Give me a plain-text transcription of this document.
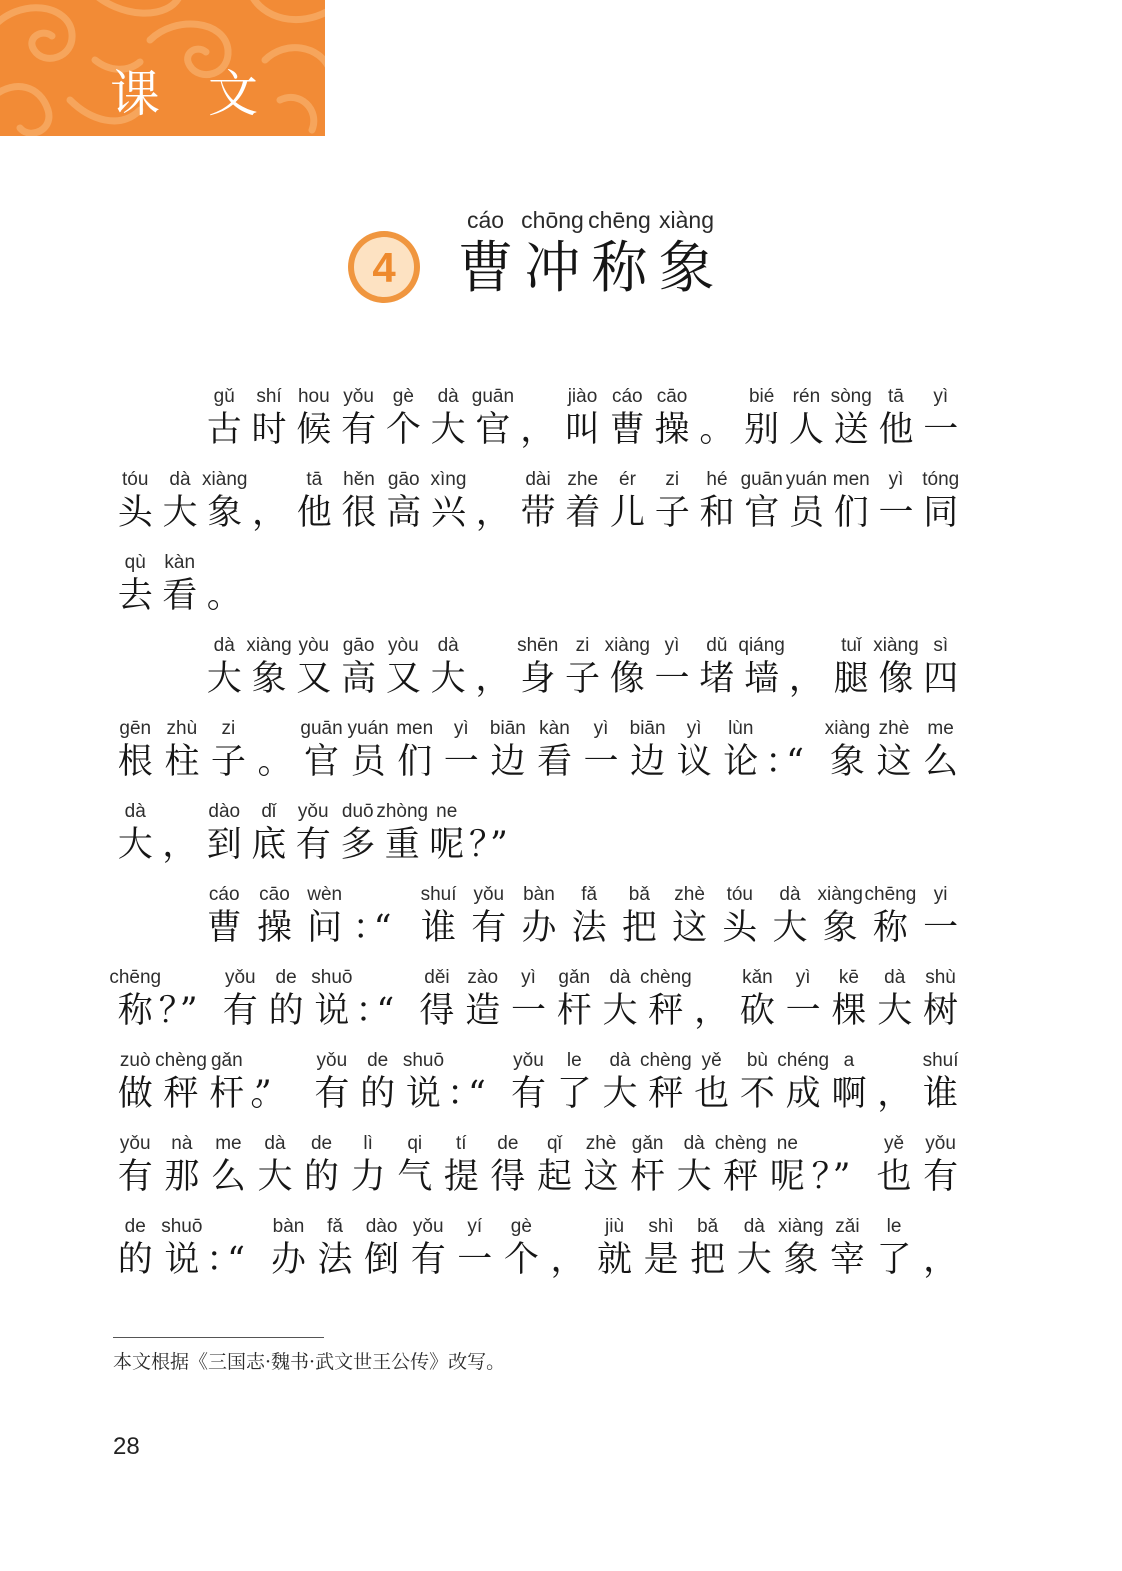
课文
4
cáo
曹
chōng
冲
chēng
称
xiàng
象
gǔ
古
shí
时
hou
候
yǒu
有
gè
个
dà
大
guān
官 ，
jiào
叫
cáo
曹
cāo
操 。
bié
别
rén
人
sòng
送
tā
他
yì
一
tóu
头
dà
大
xiàng
象 ，
tā
他
hěn
很
gāo
高
xìng
兴 ，
dài
带
zhe
着
ér
儿
zi
子
hé
和
guān
官
yuán
员
men
们
yì
一
tóng
同
qù
去
kàn
看 。
dà
大
xiàng
象
yòu
又
gāo
高
yòu
又
dà
大 ，
shēn
身
zi
子
xiàng
像
yì
一
dǔ
堵
qiáng
墙 ，
tuǐ
腿
xiàng
像
sì
四
gēn
根
zhù
柱
zi
子 。
guān
官
yuán
员
men
们
yì
一
biān
边
kàn
看
yì
一
biān
边
yì
议
lùn
论 ：“
xiàng
象
zhè
这
me
么
dà
大 ，
dào
到
dǐ
底
yǒu
有
duō
多
zhòng
重
ne
呢 ？”
cáo
曹
cāo
操
wèn
问 ：“
shuí
谁
yǒu
有
bàn
办
fǎ
法
bǎ
把
zhè
这
tóu
头
dà
大
xiàng
象
chēng
称
yi
一
chēng
称 ？”
yǒu
有
de
的
shuō
说 ：“
děi
得
zào
造
yì
一
gǎn
杆
dà
大
chèng
秤 ，
kǎn
砍
yì
一
kē
棵
dà
大
shù
树
zuò
做
chèng
秤
gǎn
杆 。”
yǒu
有
de
的
shuō
说 ：“
yǒu
有
le
了
dà
大
chèng
秤
yě
也
bù
不
chéng
成
a
啊 ，
shuí
谁
yǒu
有
nà
那
me
么
dà
大
de
的
lì
力
qi
气
tí
提
de
得
qǐ
起
zhè
这
gǎn
杆
dà
大
chèng
秤
ne
呢 ？”
yě
也
yǒu
有
de
的
shuō
说 ：“
bàn
办
fǎ
法
dào
倒
yǒu
有
yí
一
gè
个 ，
jiù
就
shì
是
bǎ
把
dà
大
xiàng
象
zǎi
宰
le
了 ，
本文根据《三国志·魏书·武文世王公传》改写。
28
